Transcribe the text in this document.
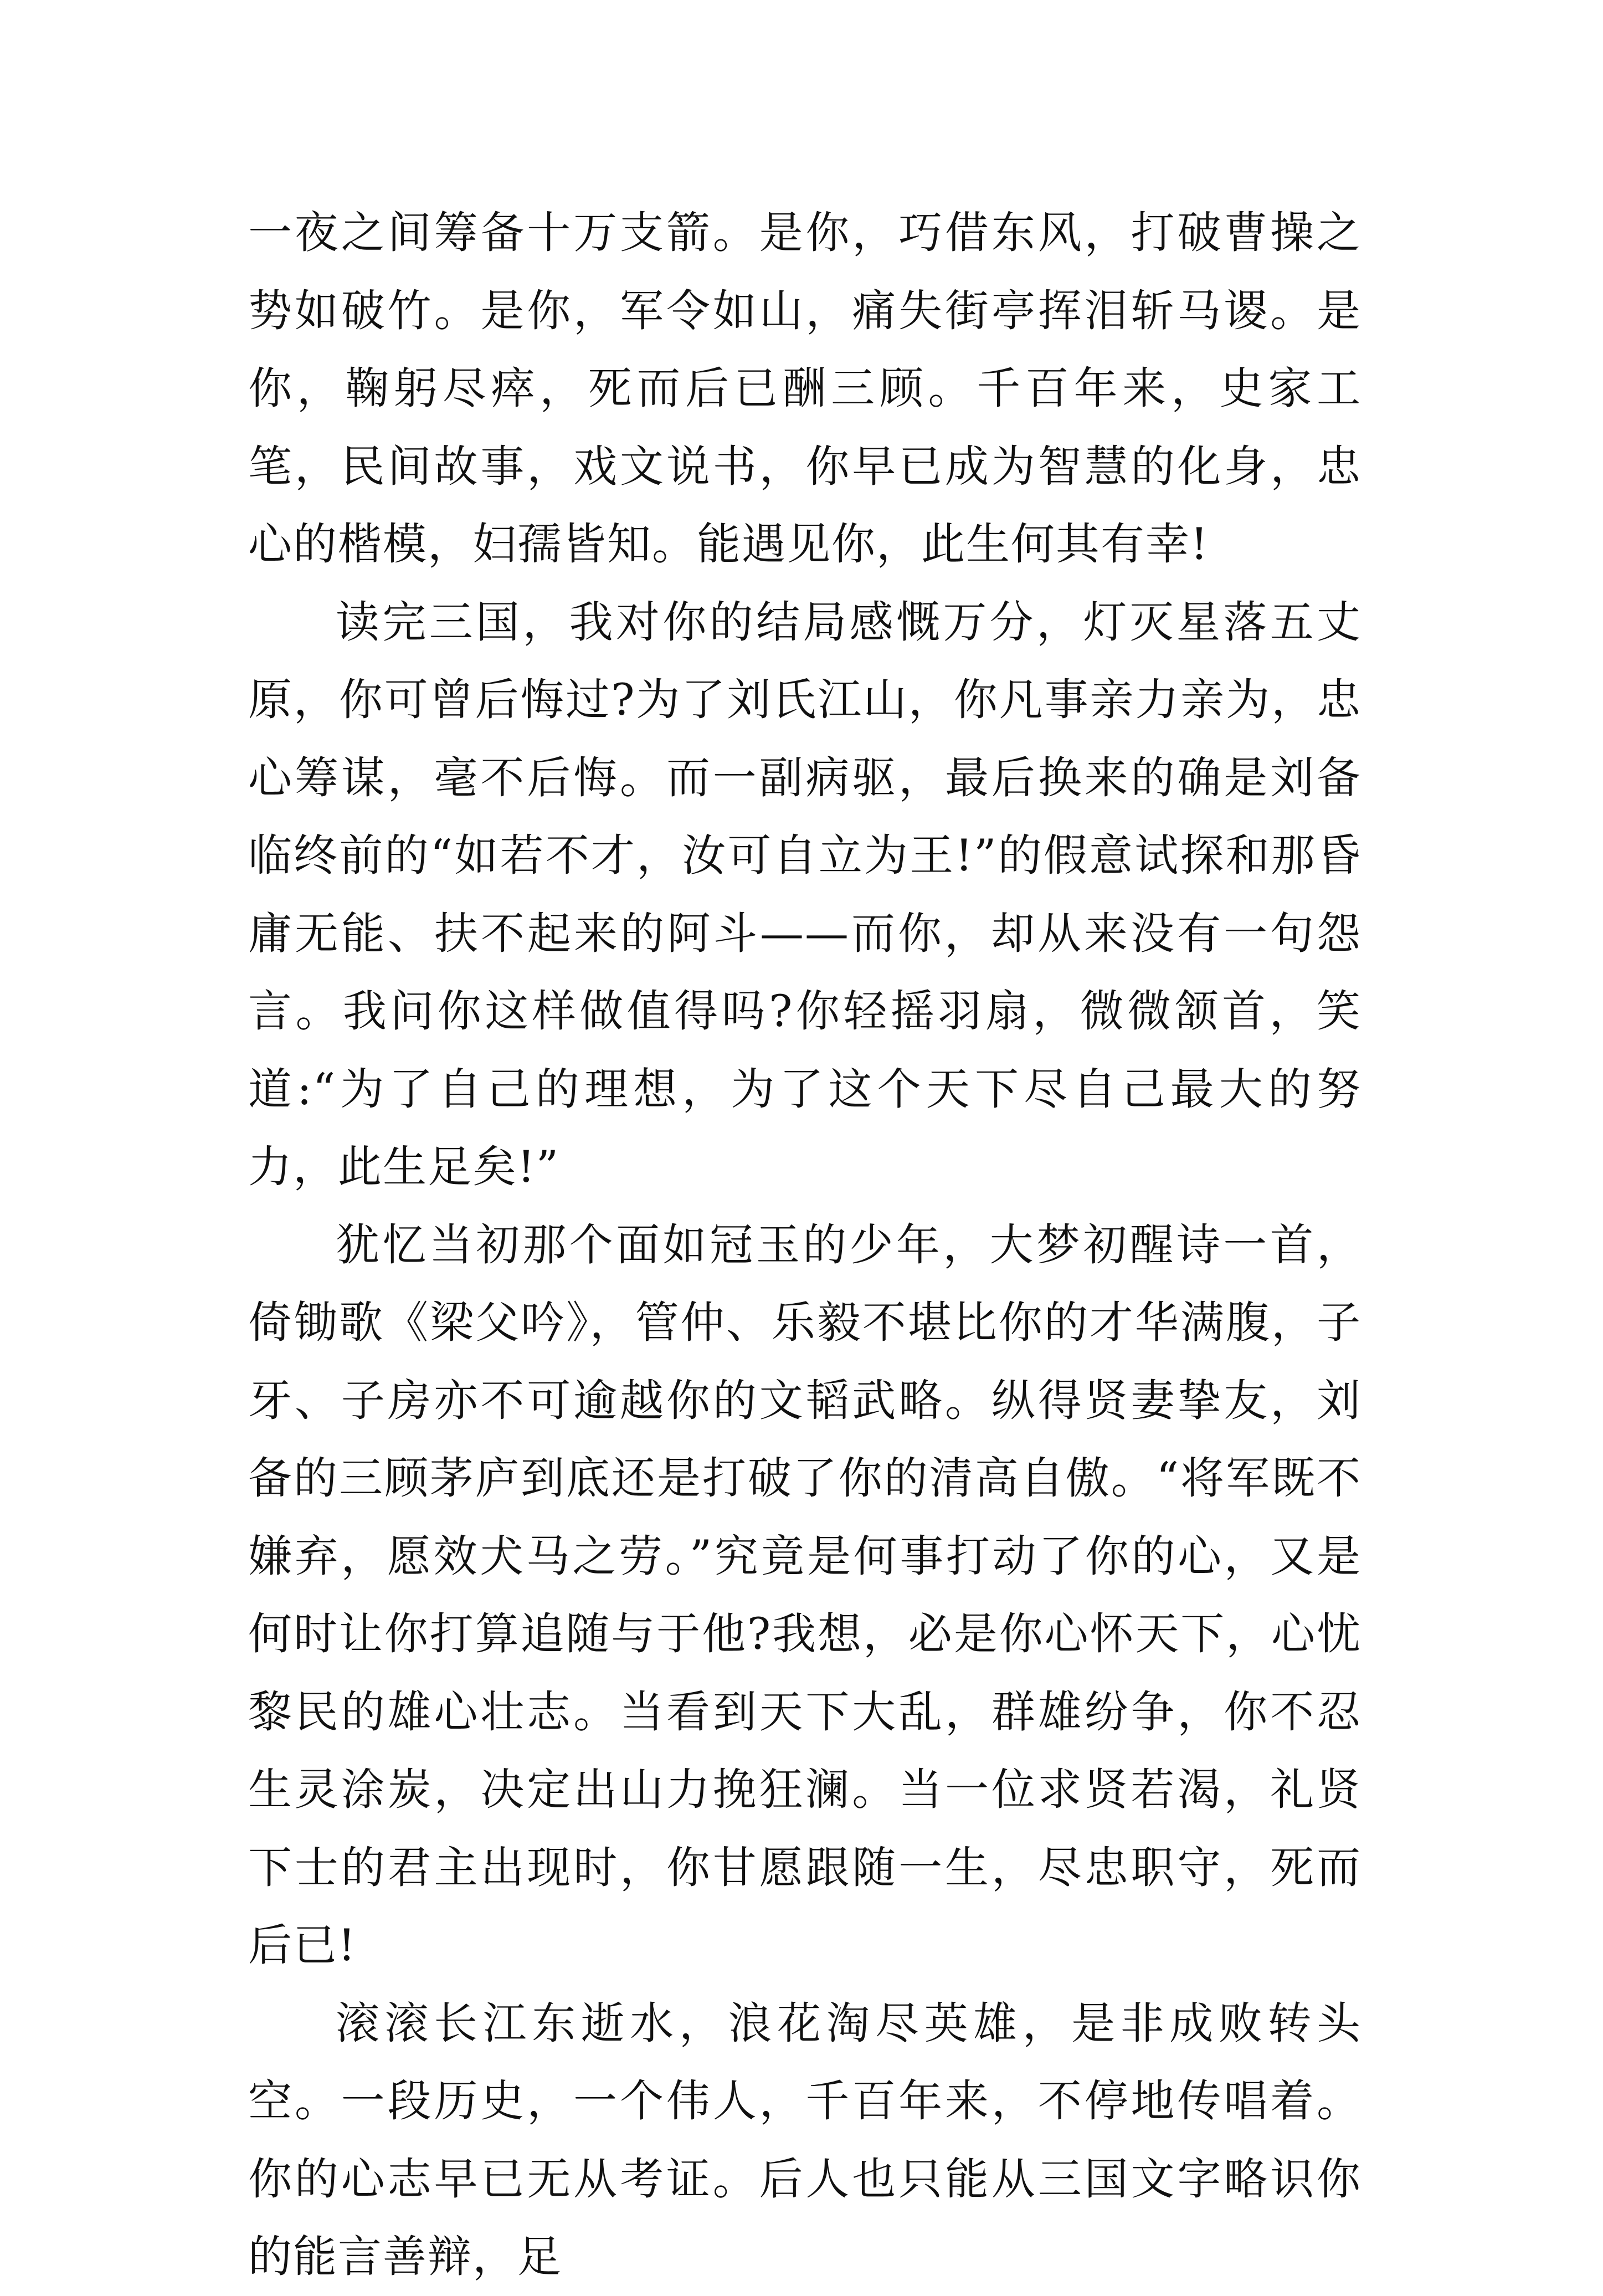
一夜之间筹备十万支箭。是你，巧借东风，打破曹操之势如破竹。是你，军令如山，痛失街亭挥泪斩马谡。是你，鞠躬尽瘁，死而后已酬三顾。千百年来，史家工笔，民间故事，戏文说书，你早已成为智慧的化身，忠心的楷模，妇孺皆知。能遇见你，此生何其有幸!

读完三国，我对你的结局感慨万分，灯灭星落五丈原，你可曾后悔过?为了刘氏江山，你凡事亲力亲为，忠心筹谋，毫不后悔。而一副病驱，最后换来的确是刘备临终前的“如若不才，汝可自立为王!”的假意试探和那昏庸无能、扶不起来的阿斗——而你，却从来没有一句怨言。我问你这样做值得吗?你轻摇羽扇，微微颔首，笑道:“为了自己的理想，为了这个天下尽自己最大的努力，此生足矣!”

犹忆当初那个面如冠玉的少年，大梦初醒诗一首，倚锄歌《梁父吟》，管仲、乐毅不堪比你的才华满腹，子牙、子房亦不可逾越你的文韬武略。纵得贤妻挚友，刘备的三顾茅庐到底还是打破了你的清高自傲。“将军既不嫌弃，愿效犬马之劳。”究竟是何事打动了你的心，又是何时让你打算追随与于他?我想，必是你心怀天下，心忧黎民的雄心壮志。当看到天下大乱，群雄纷争，你不忍生灵涂炭，决定出山力挽狂澜。当一位求贤若渴，礼贤下士的君主出现时，你甘愿跟随一生，尽忠职守，死而后已!

滚滚长江东逝水，浪花淘尽英雄，是非成败转头空。一段历史，一个伟人，千百年来，不停地传唱着。你的心志早已无从考证。后人也只能从三国文字略识你的能言善辩，足
